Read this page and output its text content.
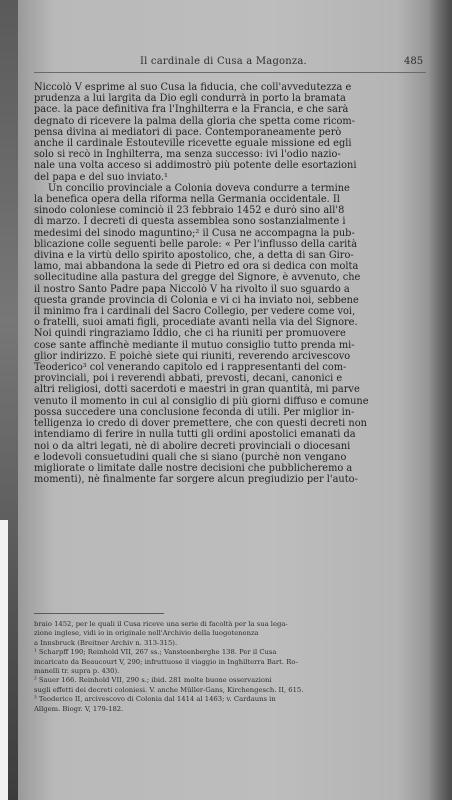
Il cardinale di Cusa a Magonza.	485
Niccolò V esprime al suo Cusa la fiducia, che coll'avvedutezza e
prudenza a lui largita da Dio egli condurrà in porto la bramata
pace. la pace definitiva fra l'Inghilterra e la Francia, e che sarà
degnato di ricevere la palma della gloria che spetta come ricom-
pensa divina ai mediatori di pace. Contemporaneamente però
anche il cardinale Estouteville ricevette eguale missione ed egli
solo si recò in Inghilterra, ma senza successo: ivi l'odio nazio-
nale una volta acceso si addimostrò più potente delle esortazioni
del papa e del suo inviato.¹
Un concilio provinciale a Colonia doveva condurre a termine
la benefica opera della riforma nella Germania occidentale. Il
sinodo coloniese cominciò il 23 febbraio 1452 e durò sino all'8
di marzo. I decreti di questa assemblea sono sostanzialmente i
medesimi del sinodo maguntino;² il Cusa ne accompagna la pub-
blicazione colle seguenti belle parole: « Per l'influsso della carità
divina e la virtù dello spirito apostolico, che, a detta di san Giro-
lamo, mai abbandona la sede di Pietro ed ora si dedica con molta
sollecitudine alla pastura del gregge del Signore, è avvenuto, che
il nostro Santo Padre papa Niccolò V ha rivolto il suo sguardo a
questa grande provincia di Colonia e vi ci ha inviato noi, sebbene
il minimo fra i cardinali del Sacro Collegio, per vedere come voi,
o fratelli, suoi amati figli, procediate avanti nella via del Signore.
Noi quindi ringraziamo Iddio, che ci ha riuniti per promuovere
cose sante affinchè mediante il mutuo consiglio tutto prenda mi-
glior indirizzo. E poichè siete qui riuniti, reverendo arcivescovo
Teoderico³ col venerando capitolo ed i rappresentanti del com-
provinciali, poi i reverendi abbati, prevosti, decani, canonici e
altri religiosi, dotti sacerdoti e maestri in gran quantità, mi parve
venuto il momento in cui al consiglio di più giorni diffuso e comune
possa succedere una conclusione feconda di utili. Per miglior in-
telligenza io credo di dover premettere, che con questi decreti non
intendiamo di ferire in nulla tutti gli ordini apostolici emanati da
noi o da altri legati, nè di abolire decreti provinciali o diocesani
e lodevoli consuetudini quali che si siano (purchè non vengano
migliorate o limitate dalle nostre decisioni che pubblicheremo a
momenti), nè finalmente far sorgere alcun pregiudizio per l'auto-
braio 1452, per le quali il Cusa riceve una serie di facoltà per la sua lega-
zione inglese, vidi io in originale nell'Archivio della luogotenenza
a Innsbruck (Breitner Archiv n. 313-315).
¹ Scharpff 190; Reinhold VII, 267 ss.; Vansteenberghe 138. Per il Cusa
incaricato da Beaucourt V, 290; infruttuose il viaggio in Inghilterra Bart. Ro-
manelli tr. supra p. 430).
² Sauer 166. Reinhold VII, 290 s.; ibid. 281 molte buone osservazioni
sugli effetti dei decreti coloniesi. V. anche Müller-Gans, Kirchengesch. II, 615.
³ Teoderico II, arcivescovo di Colonia dal 1414 al 1463; v. Cardauns in
Allgem. Biogr. V, 179-182.
